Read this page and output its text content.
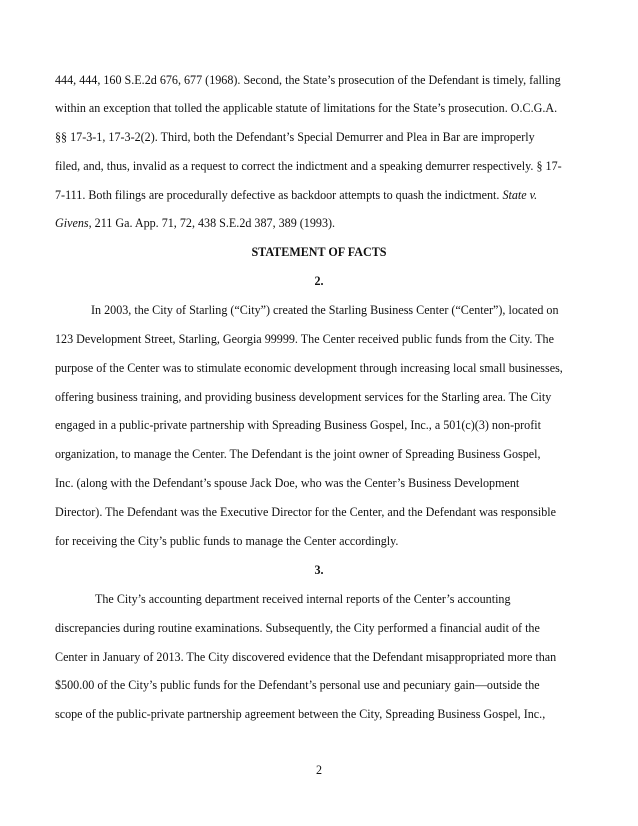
444, 444, 160 S.E.2d 676, 677 (1968). Second, the State’s prosecution of the Defendant is timely, falling
within an exception that tolled the applicable statute of limitations for the State’s prosecution. O.C.G.A.
§§ 17-3-1, 17-3-2(2). Third, both the Defendant’s Special Demurrer and Plea in Bar are improperly
filed, and, thus, invalid as a request to correct the indictment and a speaking demurrer respectively. § 17-
7-111. Both filings are procedurally defective as backdoor attempts to quash the indictment. State v.
Givens, 211 Ga. App. 71, 72, 438 S.E.2d 387, 389 (1993).
STATEMENT OF FACTS
2.
In 2003, the City of Starling (“City”) created the Starling Business Center (“Center”), located on
123 Development Street, Starling, Georgia 99999. The Center received public funds from the City. The
purpose of the Center was to stimulate economic development through increasing local small businesses,
offering business training, and providing business development services for the Starling area. The City
engaged in a public-private partnership with Spreading Business Gospel, Inc., a 501(c)(3) non-profit
organization, to manage the Center. The Defendant is the joint owner of Spreading Business Gospel,
Inc. (along with the Defendant’s spouse Jack Doe, who was the Center’s Business Development
Director). The Defendant was the Executive Director for the Center, and the Defendant was responsible
for receiving the City’s public funds to manage the Center accordingly.
3.
The City’s accounting department received internal reports of the Center’s accounting
discrepancies during routine examinations. Subsequently, the City performed a financial audit of the
Center in January of 2013. The City discovered evidence that the Defendant misappropriated more than
$500.00 of the City’s public funds for the Defendant’s personal use and pecuniary gain—outside the
scope of the public-private partnership agreement between the City, Spreading Business Gospel, Inc.,
2
